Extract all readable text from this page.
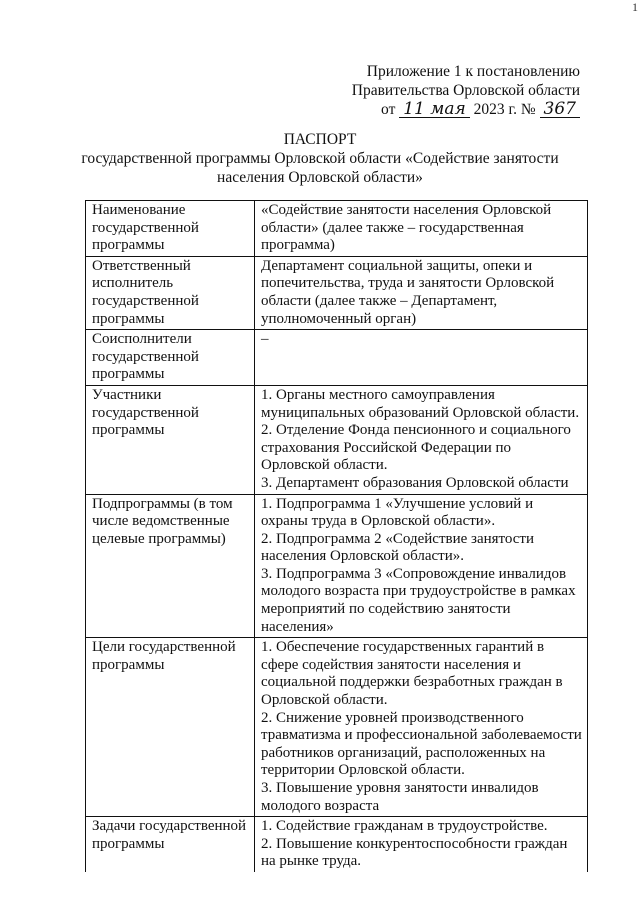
1
Приложение 1 к постановлению
Правительства Орловской области
от 11 мая 2023 г. № 367
ПАСПОРТ
государственной программы Орловской области «Содействие занятости населения Орловской области»
Наименование государственной программы	«Содействие занятости населения Орловской области» (далее также – государственная программа)

Ответственный исполнитель государственной программы	Департамент социальной защиты, опеки и попечительства, труда и занятости Орловской области (далее также – Департамент, уполномоченный орган)

Соисполнители государственной программы	–

Участники государственной программы	1. Органы местного самоуправления муниципальных образований Орловской области.
2. Отделение Фонда пенсионного и социального страхования Российской Федерации по Орловской области.
3. Департамент образования Орловской области

Подпрограммы (в том числе ведомственные целевые программы)	1. Подпрограмма 1 «Улучшение условий и охраны труда в Орловской области».
2. Подпрограмма 2 «Содействие занятости населения Орловской области».
3. Подпрограмма 3 «Сопровождение инвалидов молодого возраста при трудоустройстве в рамках мероприятий по содействию занятости населения»

Цели государственной программы	1. Обеспечение государственных гарантий в сфере содействия занятости населения и социальной поддержки безработных граждан в Орловской области.
2. Снижение уровней производственного травматизма и профессиональной заболеваемости работников организаций, расположенных на территории Орловской области.
3. Повышение уровня занятости инвалидов молодого возраста

Задачи государственной программы	1. Содействие гражданам в трудоустройстве.
2. Повышение конкурентоспособности граждан на рынке труда.
